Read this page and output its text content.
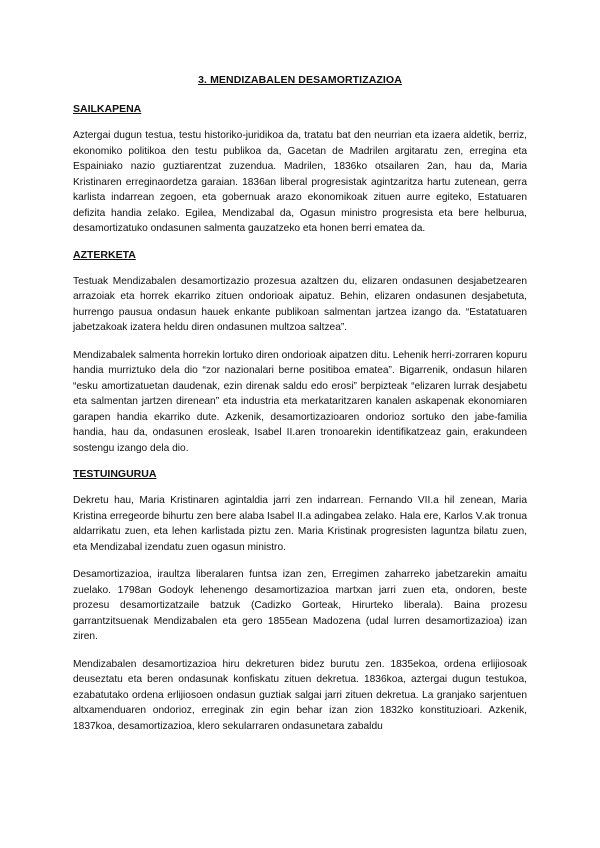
3. MENDIZABALEN DESAMORTIZAZIOA
SAILKAPENA

Aztergai dugun testua, testu historiko-juridikoa da, tratatu bat den neurrian eta izaera aldetik, berriz, ekonomiko politikoa den testu publikoa da, Gacetan de Madrilen argitaratu zen, erregina eta Espainiako nazio guztiarentzat zuzendua. Madrilen, 1836ko otsailaren 2an, hau da, Maria Kristinaren erreginaordetza garaian. 1836an liberal progresistak agintzaritza hartu zutenean, gerra karlista indarrean zegoen, eta gobernuak arazo ekonomikoak zituen aurre egiteko, Estatuaren defizita handia zelako. Egilea, Mendizabal da, Ogasun ministro progresista eta bere helburua, desamortizatuko ondasunen salmenta gauzatzeko eta honen berri ematea da.

AZTERKETA

Testuak Mendizabalen desamortizazio prozesua azaltzen du, elizaren ondasunen desjabetzearen arrazoiak eta horrek ekarriko zituen ondorioak aipatuz. Behin, elizaren ondasunen desjabetuta, hurrengo pausua ondasun hauek enkante publikoan salmentan jartzea izango da. “Estatatuaren jabetzakoak izatera heldu diren ondasunen multzoa saltzea”.

Mendizabalek salmenta horrekin lortuko diren ondorioak aipatzen ditu. Lehenik herri-zorraren kopuru handia murriztuko dela dio “zor nazionalari berne positiboa ematea”. Bigarrenik, ondasun hilaren “esku amortizatuetan daudenak, ezin direnak saldu edo erosi” berpizteak “elizaren lurrak desjabetu eta salmentan jartzen direnean” eta industria eta merkataritzaren kanalen askapenak ekonomiaren garapen handia ekarriko dute. Azkenik, desamortizazioaren ondorioz sortuko den jabe-familia handia, hau da, ondasunen erosleak, Isabel II.aren tronoarekin identifikatzeaz gain, erakundeen sostengu izango dela dio.

TESTUINGURUA

Dekretu hau, Maria Kristinaren agintaldia jarri zen indarrean. Fernando VII.a hil zenean, Maria Kristina erregeorde bihurtu zen bere alaba Isabel II.a adingabea zelako. Hala ere, Karlos V.ak tronua aldarrikatu zuen, eta lehen karlistada piztu zen. Maria Kristinak progresisten laguntza bilatu zuen, eta Mendizabal izendatu zuen ogasun ministro.

Desamortizazioa, iraultza liberalaren funtsa izan zen, Erregimen zaharreko jabetzarekin amaitu zuelako. 1798an Godoyk lehenengo desamortizazioa martxan jarri zuen eta, ondoren, beste prozesu desamortizatzaile batzuk (Cadizko Gorteak, Hirurteko liberala). Baina prozesu garrantzitsuenak Mendizabalen eta gero 1855ean Madozena (udal lurren desamortizazioa) izan ziren.

Mendizabalen desamortizazioa hiru dekreturen bidez burutu zen. 1835ekoa, ordena erlijiosoak deuseztatu eta beren ondasunak konfiskatu zituen dekretua. 1836koa, aztergai dugun testukoa, ezabatutako ordena erlijiosoen ondasun guztiak salgai jarri zituen dekretua. La granjako sarjentuen altxamenduaren ondorioz, erreginak zin egin behar izan zion 1832ko konstituzioari. Azkenik, 1837koa, desamortizazioa, klero sekularraren ondasunetara zabaldu
